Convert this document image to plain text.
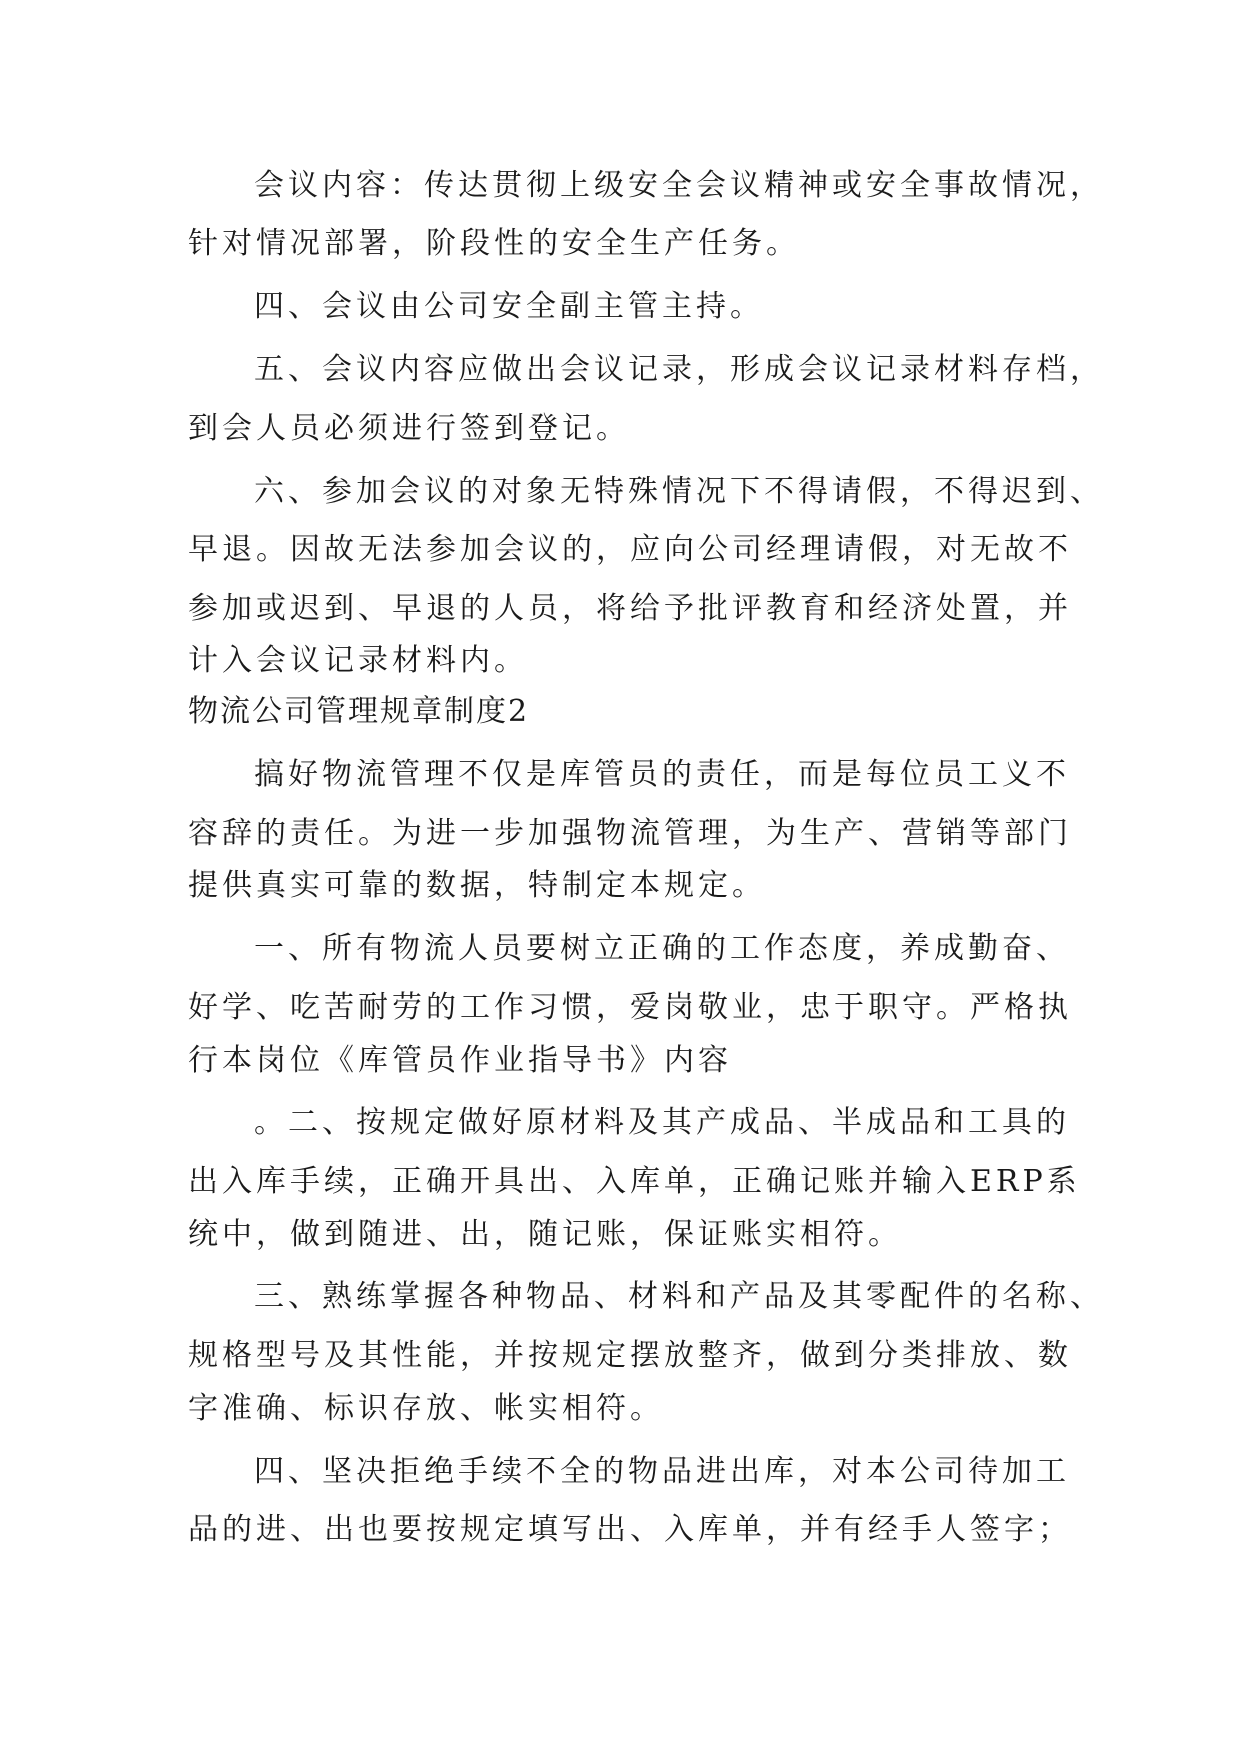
会议内容：传达贯彻上级安全会议精神或安全事故情况，

针对情况部署，阶段性的安全生产任务。

四、会议由公司安全副主管主持。

五、会议内容应做出会议记录，形成会议记录材料存档，

到会人员必须进行签到登记。

六、参加会议的对象无特殊情况下不得请假，不得迟到、

早退。因故无法参加会议的，应向公司经理请假，对无故不

参加或迟到、早退的人员，将给予批评教育和经济处置，并

计入会议记录材料内。

物流公司管理规章制度2

搞好物流管理不仅是库管员的责任，而是每位员工义不

容辞的责任。为进一步加强物流管理，为生产、营销等部门

提供真实可靠的数据，特制定本规定。

一、所有物流人员要树立正确的工作态度，养成勤奋、

好学、吃苦耐劳的工作习惯，爱岗敬业，忠于职守。严格执

行本岗位《库管员作业指导书》内容

。二、按规定做好原材料及其产成品、半成品和工具的

出入库手续，正确开具出、入库单，正确记账并输入ERP系

统中，做到随进、出，随记账，保证账实相符。

三、熟练掌握各种物品、材料和产品及其零配件的名称、

规格型号及其性能，并按规定摆放整齐，做到分类排放、数

字准确、标识存放、帐实相符。

四、坚决拒绝手续不全的物品进出库，对本公司待加工

品的进、出也要按规定填写出、入库单，并有经手人签字；
